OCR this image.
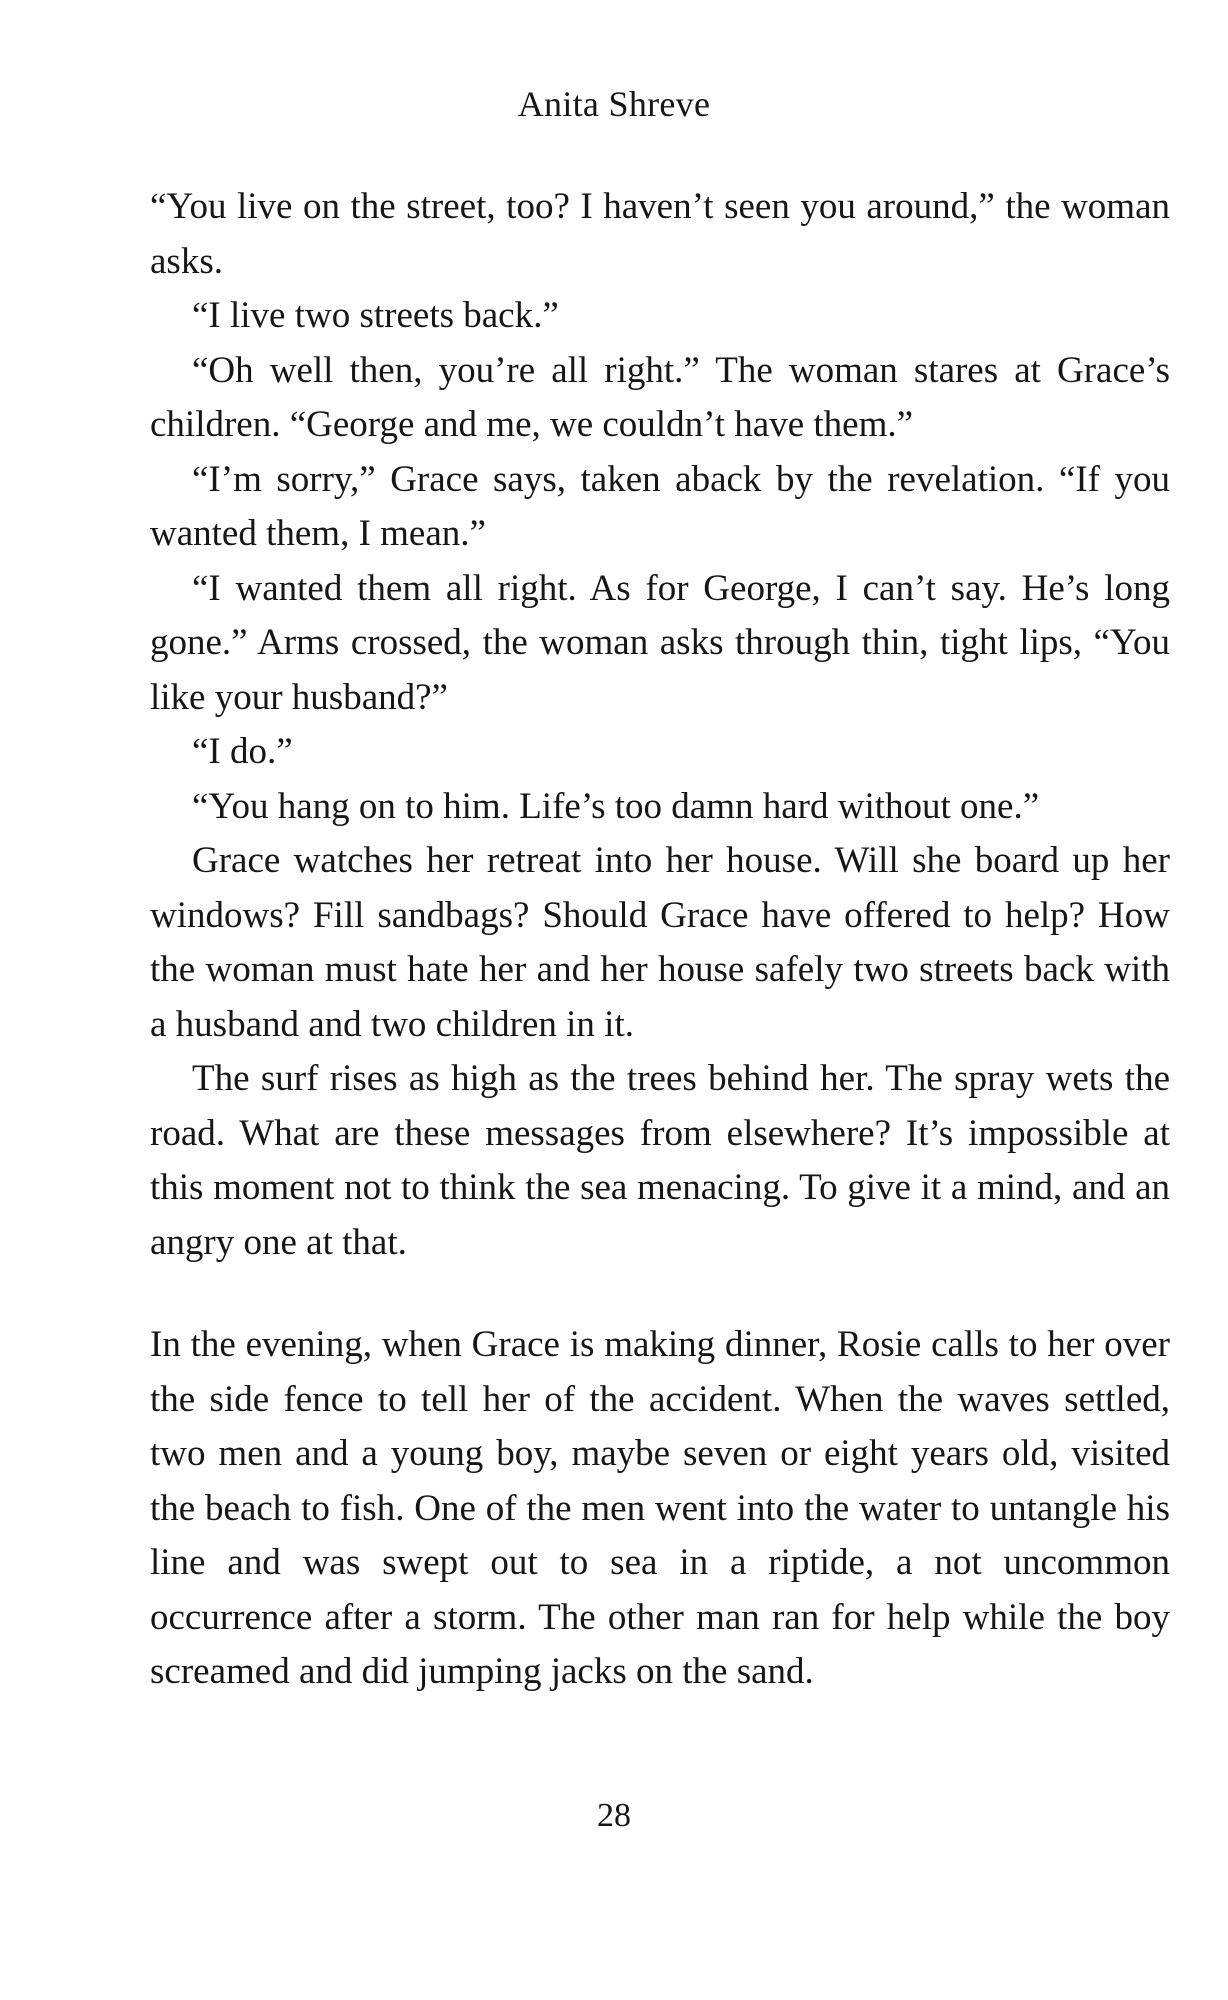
Anita Shreve

“You live on the street, too? I haven’t seen you around,” the woman asks.

“I live two streets back.”

“Oh well then, you’re all right.” The woman stares at Grace’s children. “George and me, we couldn’t have them.”

“I’m sorry,” Grace says, taken aback by the revelation. “If you wanted them, I mean.”

“I wanted them all right. As for George, I can’t say. He’s long gone.” Arms crossed, the woman asks through thin, tight lips, “You like your husband?”

“I do.”

“You hang on to him. Life’s too damn hard without one.”

Grace watches her retreat into her house. Will she board up her windows? Fill sandbags? Should Grace have offered to help? How the woman must hate her and her house safely two streets back with a husband and two children in it.

The surf rises as high as the trees behind her. The spray wets the road. What are these messages from elsewhere? It’s impossible at this moment not to think the sea menacing. To give it a mind, and an angry one at that.

In the evening, when Grace is making dinner, Rosie calls to her over the side fence to tell her of the accident. When the waves settled, two men and a young boy, maybe seven or eight years old, visited the beach to fish. One of the men went into the water to untangle his line and was swept out to sea in a riptide, a not uncommon occurrence after a storm. The other man ran for help while the boy screamed and did jumping jacks on the sand.

28
